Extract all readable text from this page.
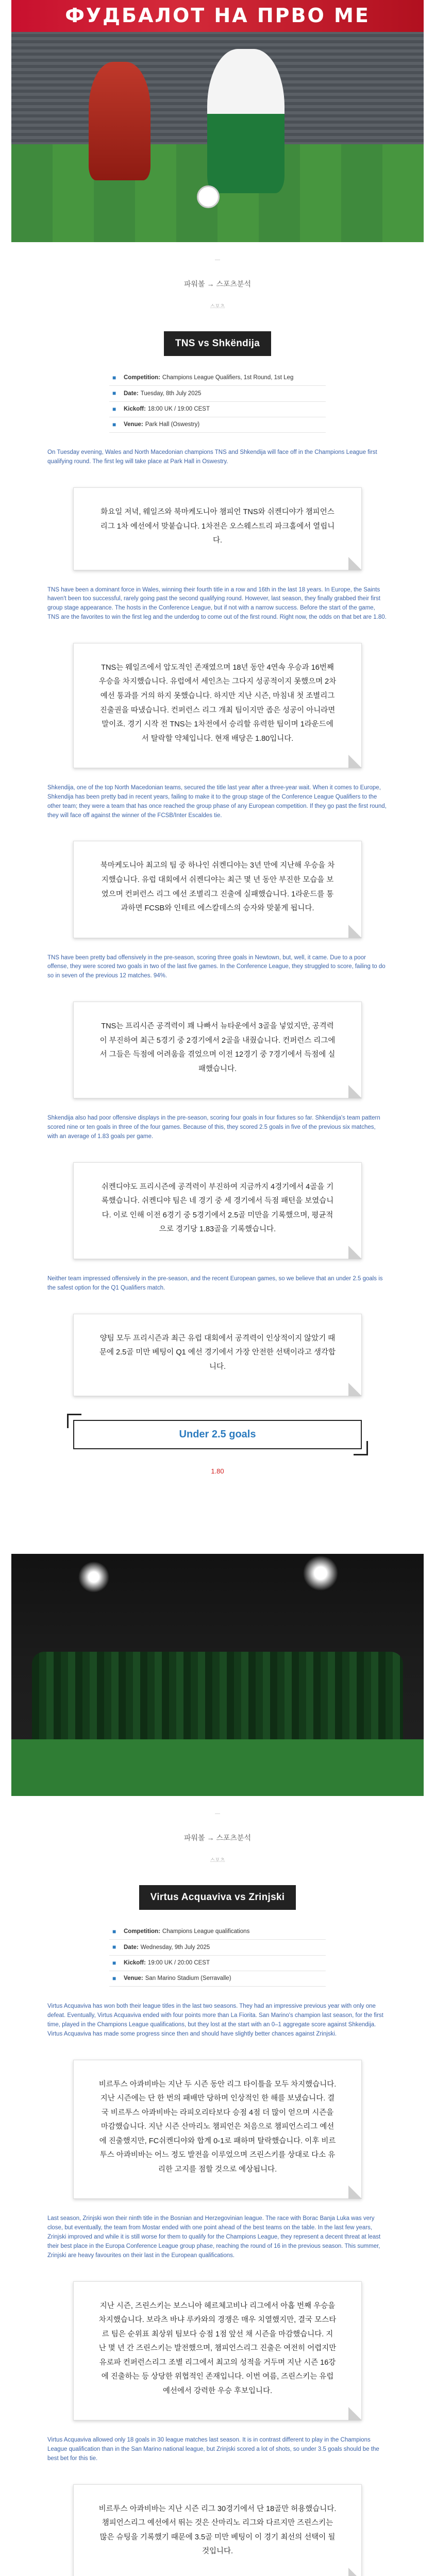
ФУДБАЛОТ НА ПРВО МЕ
—
파워볼 → 스포츠분석
스포츠
TNS vs Shkëndija
■	Competition: Champions League Qualifiers, 1st Round, 1st Leg
■	Date: Tuesday, 8th July 2025
■	Kickoff: 18:00 UK / 19:00 CEST
■	Venue: Park Hall (Oswestry)

On Tuesday evening, Wales and North Macedonian champions TNS and Shkendija will face off in the Champions League first qualifying round. The first leg will take place at Park Hall in Oswestry.

화요일 저녁, 웨일즈와 북마케도니아 챔피언 TNS와 쉬켄디야가 챔피언스리그 1차 예선에서 맞붙습니다. 1차전은 오스웨스트리 파크홀에서 열립니다.

TNS have been a dominant force in Wales, winning their fourth title in a row and 16th in the last 18 years. In Europe, the Saints haven't been too successful, rarely going past the second qualifying round. However, last season, they finally grabbed their first group stage appearance. The hosts in the Conference League, but if not with a narrow success. Before the start of the game, TNS are the favorites to win the first leg and the underdog to come out of the first round. Right now, the odds on that bet are 1.80.

TNS는 웨일즈에서 압도적인 존재였으며 18년 동안 4연속 우승과 16번째 우승을 차지했습니다. 유럽에서 세인츠는 그다지 성공적이지 못했으며 2차 예선 통과를 거의 하지 못했습니다. 하지만 지난 시즌, 마침내 첫 조별리그 진출권을 따냈습니다. 컨퍼런스 리그 개최 팀이지만 좁은 성공이 아니라면 말이죠. 경기 시작 전 TNS는 1차전에서 승리할 유력한 팀이며 1라운드에서 탈락할 약체입니다. 현재 배당은 1.80입니다.

Shkendija, one of the top North Macedonian teams, secured the title last year after a three-year wait. When it comes to Europe, Shkendija has been pretty bad in recent years, failing to make it to the group stage of the Conference League Qualifiers to the other team; they were a team that has once reached the group phase of any European competition. If they go past the first round, they will face off against the winner of the FCSB/Inter Escaldes tie.

북마케도니아 최고의 팀 중 하나인 쉬켄디야는 3년 만에 지난해 우승을 차지했습니다. 유럽 대회에서 쉬켄디야는 최근 몇 년 동안 부진한 모습을 보였으며 컨퍼런스 리그 예선 조별리그 진출에 실패했습니다. 1라운드를 통과하면 FCSB와 인테르 에스칼데스의 승자와 맞붙게 됩니다.

TNS have been pretty bad offensively in the pre-season, scoring three goals in Newtown, but, well, it came. Due to a poor offense, they were scored two goals in two of the last five games. In the Conference League, they struggled to score, failing to do so in seven of the previous 12 matches. 94%.

TNS는 프리시즌 공격력이 꽤 나빠서 뉴타운에서 3골을 넣었지만, 공격력이 부진하여 최근 5경기 중 2경기에서 2골을 내줬습니다. 컨퍼런스 리그에서 그들은 득점에 어려움을 겪었으며 이전 12경기 중 7경기에서 득점에 실패했습니다.

Shkendija also had poor offensive displays in the pre-season, scoring four goals in four fixtures so far. Shkendija's team pattern scored nine or ten goals in three of the four games. Because of this, they scored 2.5 goals in five of the previous six matches, with an average of 1.83 goals per game.

쉬켄디야도 프리시즌에 공격력이 부진하여 지금까지 4경기에서 4골을 기록했습니다. 쉬켄디야 팀은 네 경기 중 세 경기에서 득점 패턴을 보였습니다. 이로 인해 이전 6경기 중 5경기에서 2.5골 미만을 기록했으며, 평균적으로 경기당 1.83골을 기록했습니다.

Neither team impressed offensively in the pre-season, and the recent European games, so we believe that an under 2.5 goals is the safest option for the Q1 Qualifiers match.

양팀 모두 프리시즌과 최근 유럽 대회에서 공격력이 인상적이지 않았기 때문에 2.5골 미만 베팅이 Q1 예선 경기에서 가장 안전한 선택이라고 생각합니다.
Under 2.5 goals
1.80
—
파워볼 → 스포츠분석
스포츠
Virtus Acquaviva vs Zrinjski
■	Competition: Champions League qualifications
■	Date: Wednesday, 9th July 2025
■	Kickoff: 19:00 UK / 20:00 CEST
■	Venue: San Marino Stadium (Serravalle)

Virtus Acquaviva has won both their league titles in the last two seasons. They had an impressive previous year with only one defeat. Eventually, Virtus Acquaviva ended with four points more than La Fiorita. San Marino's champion last season, for the first time, played in the Champions League qualifications, but they lost at the start with an 0–1 aggregate score against Shkendija. Virtus Acquaviva has made some progress since then and should have slightly better chances against Zrinjski.

비르투스 아콰비바는 지난 두 시즌 동안 리그 타이틀을 모두 차지했습니다. 지난 시즌에는 단 한 번의 패배만 당하며 인상적인 한 해를 보냈습니다. 결국 비르투스 아콰비바는 라피오리타보다 승점 4점 더 많이 얻으며 시즌을 마감했습니다. 지난 시즌 산마리노 챔피언은 처음으로 챔피언스리그 예선에 진출했지만, FC쉬켄디야와 합계 0-1로 패하며 탈락했습니다. 이후 비르투스 아콰비바는 어느 정도 발전을 이루었으며 즈린스키를 상대로 다소 유리한 고지를 점할 것으로 예상됩니다.

Last season, Zrinjski won their ninth title in the Bosnian and Herzegovinian league. The race with Borac Banja Luka was very close, but eventually, the team from Mostar ended with one point ahead of the best teams on the table. In the last few years, Zrinjski improved and while it is still worse for them to qualify for the Champions League, they represent a decent threat at least their best place in the Europa Conference League group phase, reaching the round of 16 in the previous season. This summer, Zrinjski are heavy favourites on their last in the European qualifications.

지난 시즌, 즈린스키는 보스니아 헤르체고비나 리그에서 아홉 번째 우승을 차지했습니다. 보라츠 바냐 루카와의 경쟁은 매우 치열했지만, 결국 모스타르 팀은 순위표 최상위 팀보다 승점 1점 앞선 채 시즌을 마감했습니다. 지난 몇 년 간 즈린스키는 발전했으며, 챔피언스리그 진출은 여전히 어렵지만 유로파 컨퍼런스리그 조별 리그에서 최고의 성적을 거두며 지난 시즌 16강에 진출하는 등 상당한 위협적인 존재입니다. 이번 여름, 즈린스키는 유럽 예선에서 강력한 우승 후보입니다.

Virtus Acquaviva allowed only 18 goals in 30 league matches last season. It is in contrast different to play in the Champions League qualification than in the San Marino national league, but Zrinjski scored a lot of shots, so under 3.5 goals should be the best bet for this tie.

비르투스 아콰비바는 지난 시즌 리그 30경기에서 단 18골만 허용했습니다. 챔피언스리그 예선에서 뛰는 것은 산마리노 리그와 다르지만 즈린스키는 많은 슈팅을 기록했기 때문에 3.5골 미만 베팅이 이 경기 최선의 선택이 될 것입니다.
